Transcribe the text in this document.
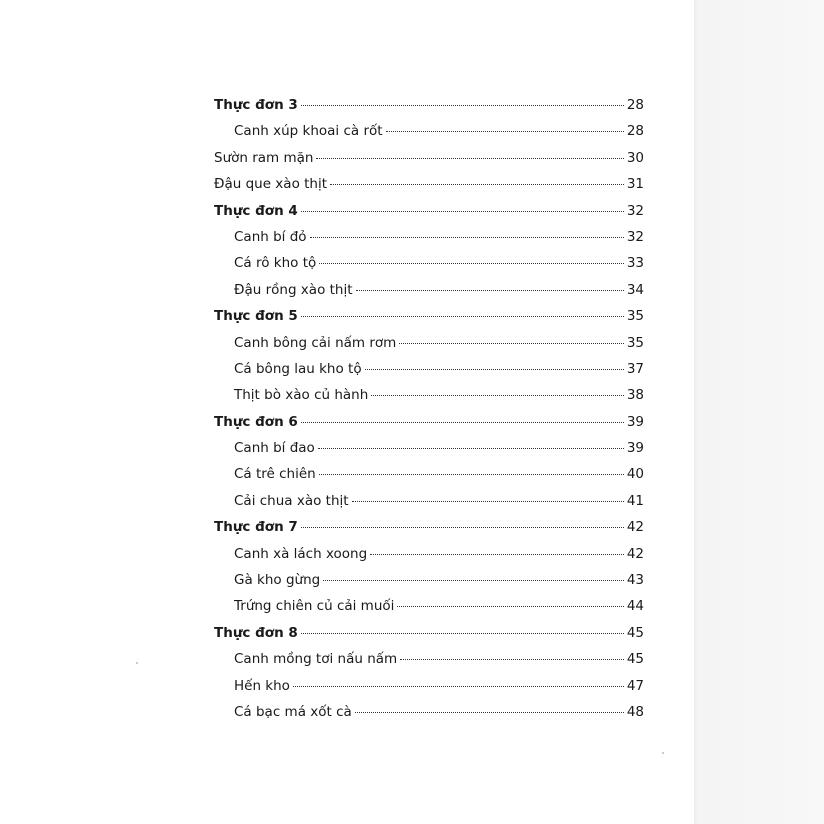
Thực đơn 3	28
Canh xúp khoai cà rốt	28
Sườn ram mặn	30
Đậu que xào thịt	31
Thực đơn 4	32
Canh bí đỏ	32
Cá rô kho tộ	33
Đậu rồng xào thịt	34
Thực đơn 5	35
Canh bông cải nấm rơm	35
Cá bông lau kho tộ	37
Thịt bò xào củ hành	38
Thực đơn 6	39
Canh bí đao	39
Cá trê chiên	40
Cải chua xào thịt	41
Thực đơn 7	42
Canh xà lách xoong	42
Gà kho gừng	43
Trứng chiên củ cải muối	44
Thực đơn 8	45
Canh mồng tơi nấu nấm	45
Hến kho	47
Cá bạc má xốt cà	48
